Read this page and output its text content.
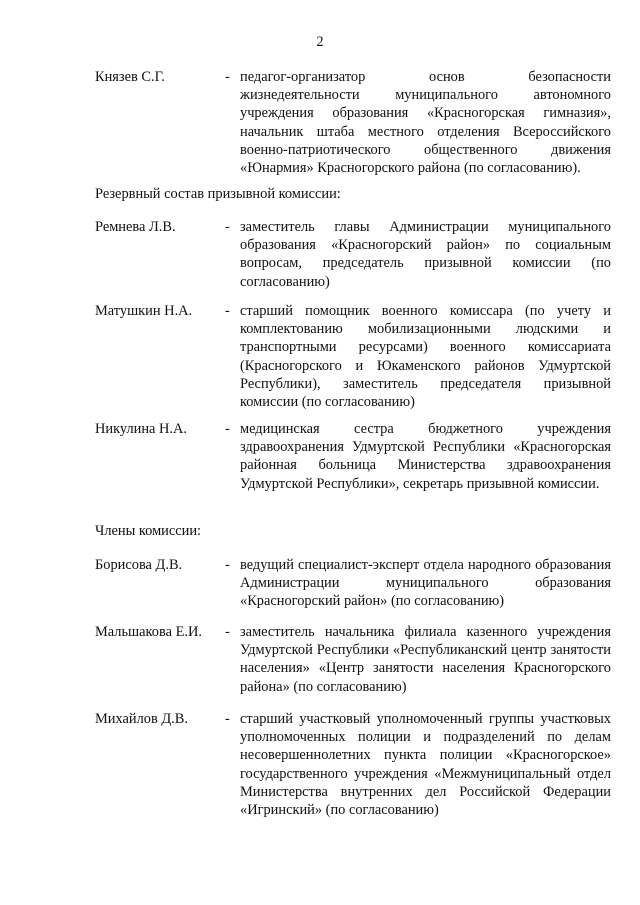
2
Князев С.Г.	- педагог-организатор основ безопасности жизнедеятельности муниципального автономного учреждения образования «Красногорская гимназия», начальник штаба местного отделения Всероссийского военно-патриотического общественного движения «Юнармия» Красногорского района (по согласованию).
Резервный состав призывной комиссии:
Ремнева Л.В.	- заместитель главы Администрации муниципального образования «Красногорский район» по социальным вопросам, председатель призывной комиссии (по согласованию)
Матушкин Н.А. - старший помощник военного комиссара (по учету и комплектованию мобилизационными людскими и транспортными ресурсами) военного комиссариата (Красногорского и Юкаменского районов Удмуртской Республики), заместитель председателя призывной комиссии (по согласованию)
Никулина Н.А.	- медицинская сестра бюджетного учреждения здравоохранения Удмуртской Республики «Красногорская районная больница Министерства здравоохранения Удмуртской Республики», секретарь призывной комиссии.
Члены комиссии:
Борисова Д.В.	- ведущий специалист-эксперт отдела народного образования Администрации муниципального образования «Красногорский район» (по согласованию)
Мальшакова Е.И. - заместитель начальника филиала казенного учреждения Удмуртской Республики «Республиканский центр занятости населения» «Центр занятости населения Красногорского района» (по согласованию)
Михайлов Д.В.	- старший участковый уполномоченный группы участковых уполномоченных полиции и подразделений по делам несовершеннолетних пункта полиции «Красногорское» государственного учреждения «Межмуниципальный отдел Министерства внутренних дел Российской Федерации «Игринский» (по согласованию)
